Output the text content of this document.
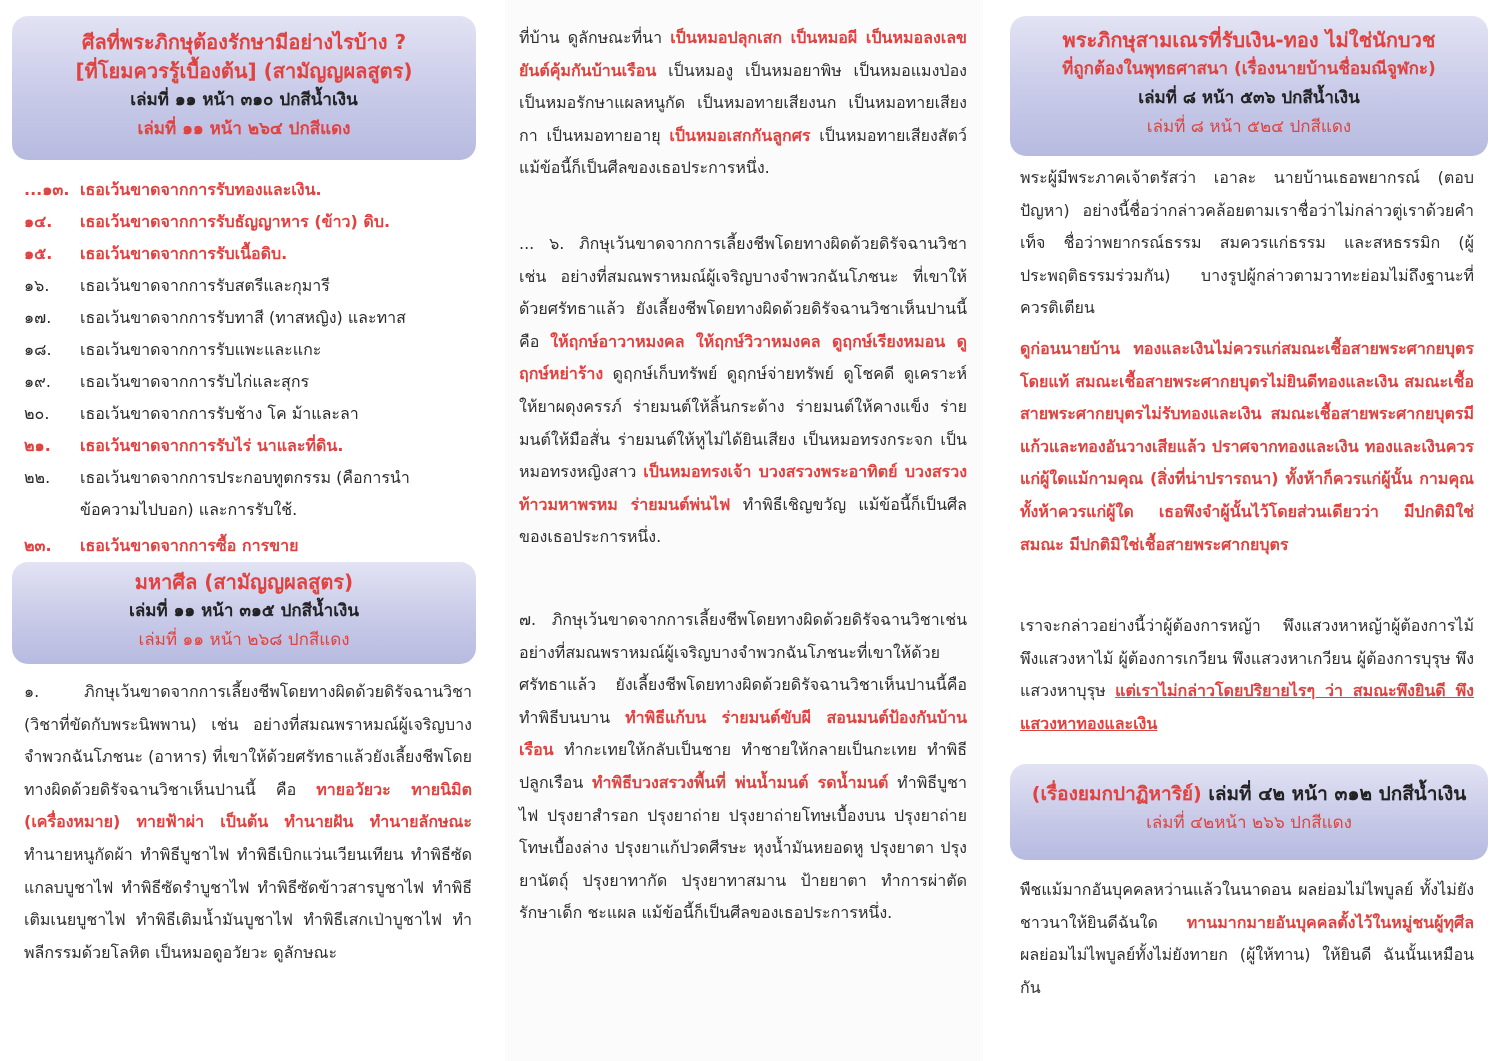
ศีลที่พระภิกษุต้องรักษามีอย่างไรบ้าง ?
[ที่โยมควรรู้เบื้องต้น] (สามัญญผลสูตร)
เล่มที่ ๑๑ หน้า ๓๑๐ ปกสีน้ำเงิน
เล่มที่ ๑๑ หน้า ๒๖๔ ปกสีแดง
...๑๓. เธอเว้นขาดจากการรับทองและเงิน.
๑๔. เธอเว้นขาดจากการรับธัญญาหาร (ข้าว) ดิบ.
๑๕. เธอเว้นขาดจากการรับเนื้อดิบ.
๑๖. เธอเว้นขาดจากการรับสตรีและกุมารี
๑๗. เธอเว้นขาดจากการรับทาสี (ทาสหญิง) และทาส
๑๘. เธอเว้นขาดจากการรับแพะและแกะ
๑๙. เธอเว้นขาดจากการรับไก่และสุกร
๒๐. เธอเว้นขาดจากการรับช้าง โค ม้าและลา
๒๑. เธอเว้นขาดจากการรับไร่ นาและที่ดิน.
๒๒. เธอเว้นขาดจากการประกอบทูตกรรม (คือการนำ
ข้อความไปบอก) และการรับใช้.
๒๓. เธอเว้นขาดจากการซื้อ การขาย
มหาศีล (สามัญญผลสูตร)
เล่มที่ ๑๑ หน้า ๓๑๕ ปกสีน้ำเงิน
เล่มที่ ๑๑ หน้า ๒๖๘ ปกสีแดง
๑. ภิกษุเว้นขาดจากการเลี้ยงชีพโดยทางผิดด้วยดิรัจฉานวิชา (วิชาที่ขัดกับพระนิพพาน) เช่น อย่างที่สมณพราหมณ์ผู้เจริญบางจำพวกฉันโภชนะ (อาหาร) ที่เขาให้ด้วยศรัทธาแล้วยังเลี้ยงชีพโดยทางผิดด้วยดิรัจฉานวิชาเห็นปานนี้ คือ ทายอวัยวะ ทายนิมิต (เครื่องหมาย) ทายฟ้าผ่า เป็นต้น ทำนายฝัน ทำนายลักษณะ ทำนายหนูกัดผ้า ทำพิธีบูชาไฟ ทำพิธีเบิกแว่นเวียนเทียน ทำพิธีซัดแกลบบูชาไฟ ทำพิธีซัดรำบูชาไฟ ทำพิธีซัดข้าวสารบูชาไฟ ทำพิธีเติมเนยบูชาไฟ ทำพิธีเติมน้ำมันบูชาไฟ ทำพิธีเสกเป่าบูชาไฟ ทำพลีกรรมด้วยโลหิต เป็นหมอดูอวัยวะ ดูลักษณะ
ที่บ้าน ดูลักษณะที่นา เป็นหมอปลุกเสก เป็นหมอผี เป็นหมอลงเลขยันต์คุ้มกันบ้านเรือน เป็นหมองู เป็นหมอยาพิษ เป็นหมอแมงป่อง เป็นหมอรักษาแผลหนูกัด เป็นหมอทายเสียงนก เป็นหมอทายเสียงกา เป็นหมอทายอายุ เป็นหมอเสกกันลูกศร เป็นหมอทายเสียงสัตว์ แม้ข้อนี้ก็เป็นศีลของเธอประการหนึ่ง.
... ๖. ภิกษุเว้นขาดจากการเลี้ยงชีพโดยทางผิดด้วยดิรัจฉานวิชาเช่น อย่างที่สมณพราหมณ์ผู้เจริญบางจำพวกฉันโภชนะ ที่เขาให้ด้วยศรัทธาแล้ว ยังเลี้ยงชีพโดยทางผิดด้วยดิรัจฉานวิชาเห็นปานนี้คือ ให้ฤกษ์อาวาหมงคล ให้ฤกษ์วิวาหมงคล ดูฤกษ์เรียงหมอน ดูฤกษ์หย่าร้าง ดูฤกษ์เก็บทรัพย์ ดูฤกษ์จ่ายทรัพย์ ดูโชคดี ดูเคราะห์ ให้ยาผดุงครรภ์ ร่ายมนต์ให้ลิ้นกระด้าง ร่ายมนต์ให้คางแข็ง ร่ายมนต์ให้มือสั่น ร่ายมนต์ให้หูไม่ได้ยินเสียง เป็นหมอทรงกระจก เป็นหมอทรงหญิงสาว เป็นหมอทรงเจ้า บวงสรวงพระอาทิตย์ บวงสรวงท้าวมหาพรหม ร่ายมนต์พ่นไฟ ทำพิธีเชิญขวัญ แม้ข้อนี้ก็เป็นศีลของเธอประการหนึ่ง.
๗. ภิกษุเว้นขาดจากการเลี้ยงชีพโดยทางผิดด้วยดิรัจฉานวิชาเช่นอย่างที่สมณพราหมณ์ผู้เจริญบางจำพวกฉันโภชนะที่เขาให้ด้วยศรัทธาแล้ว ยังเลี้ยงชีพโดยทางผิดด้วยดิรัจฉานวิชาเห็นปานนี้คือ ทำพิธีบนบาน ทำพิธีแก้บน ร่ายมนต์ขับผี สอนมนต์ป้องกันบ้านเรือน ทำกะเทยให้กลับเป็นชาย ทำชายให้กลายเป็นกะเทย ทำพิธีปลูกเรือน ทำพิธีบวงสรวงพื้นที่ พ่นน้ำมนต์ รดน้ำมนต์ ทำพิธีบูชาไฟ ปรุงยาสำรอก ปรุงยาถ่าย ปรุงยาถ่ายโทษเบื้องบน ปรุงยาถ่ายโทษเบื้องล่าง ปรุงยาแก้ปวดศีรษะ หุงน้ำมันหยอดหู ปรุงยาตา ปรุงยานัตถุ์ ปรุงยาทากัด ปรุงยาทาสมาน ป้ายยาตา ทำการผ่าตัด รักษาเด็ก ชะแผล แม้ข้อนี้ก็เป็นศีลของเธอประการหนึ่ง.
พระภิกษุสามเณรที่รับเงิน-ทอง ไม่ใช่นักบวช
ที่ถูกต้องในพุทธศาสนา (เรื่องนายบ้านชื่อมณีจูฬกะ)
เล่มที่ ๘ หน้า ๕๓๖ ปกสีน้ำเงิน
เล่มที่ ๘ หน้า ๕๒๔ ปกสีแดง
พระผู้มีพระภาคเจ้าตรัสว่า เอาละ นายบ้านเธอพยากรณ์ (ตอบปัญหา) อย่างนี้ชื่อว่ากล่าวคล้อยตามเราชื่อว่าไม่กล่าวตู่เราด้วยคำเท็จ ชื่อว่าพยากรณ์ธรรม สมควรแก่ธรรม และสหธรรมิก (ผู้ประพฤติธรรมร่วมกัน) บางรูปผู้กล่าวตามวาทะย่อมไม่ถึงฐานะที่ควรติเตียน
ดูก่อนนายบ้าน ทองและเงินไม่ควรแก่สมณะเชื้อสายพระศากยบุตรโดยแท้ สมณะเชื้อสายพระศากยบุตรไม่ยินดีทองและเงิน สมณะเชื้อสายพระศากยบุตรไม่รับทองและเงิน สมณะเชื้อสายพระศากยบุตรมีแก้วและทองอันวางเสียแล้ว ปราศจากทองและเงิน ทองและเงินควรแก่ผู้ใดแม้กามคุณ (สิ่งที่น่าปรารถนา) ทั้งห้าก็ควรแก่ผู้นั้น กามคุณทั้งห้าควรแก่ผู้ใด เธอพึงจำผู้นั้นไว้โดยส่วนเดียวว่า มีปกติมิใช่สมณะ มีปกติมิใช่เชื้อสายพระศากยบุตร
เราจะกล่าวอย่างนี้ว่าผู้ต้องการหญ้า พึงแสวงหาหญ้าผู้ต้องการไม้ พึงแสวงหาไม้ ผู้ต้องการเกวียน พึงแสวงหาเกวียน ผู้ต้องการบุรุษ พึงแสวงหาบุรุษ แต่เราไม่กล่าวโดยปริยายไรๆ ว่า สมณะพึงยินดี พึงแสวงหาทองและเงิน
(เรื่องยมกปาฏิหาริย์) เล่มที่ ๔๒ หน้า ๓๑๒ ปกสีน้ำเงิน
เล่มที่ ๔๒หน้า ๒๖๖ ปกสีแดง
พืชแม้มากอันบุคคลหว่านแล้วในนาดอน ผลย่อมไม่ไพบูลย์ ทั้งไม่ยังชาวนาให้ยินดีฉันใด ทานมากมายอันบุคคลตั้งไว้ในหมู่ชนผู้ทุศีล ผลย่อมไม่ไพบูลย์ทั้งไม่ยังทายก (ผู้ให้ทาน) ให้ยินดี ฉันนั้นเหมือนกัน
